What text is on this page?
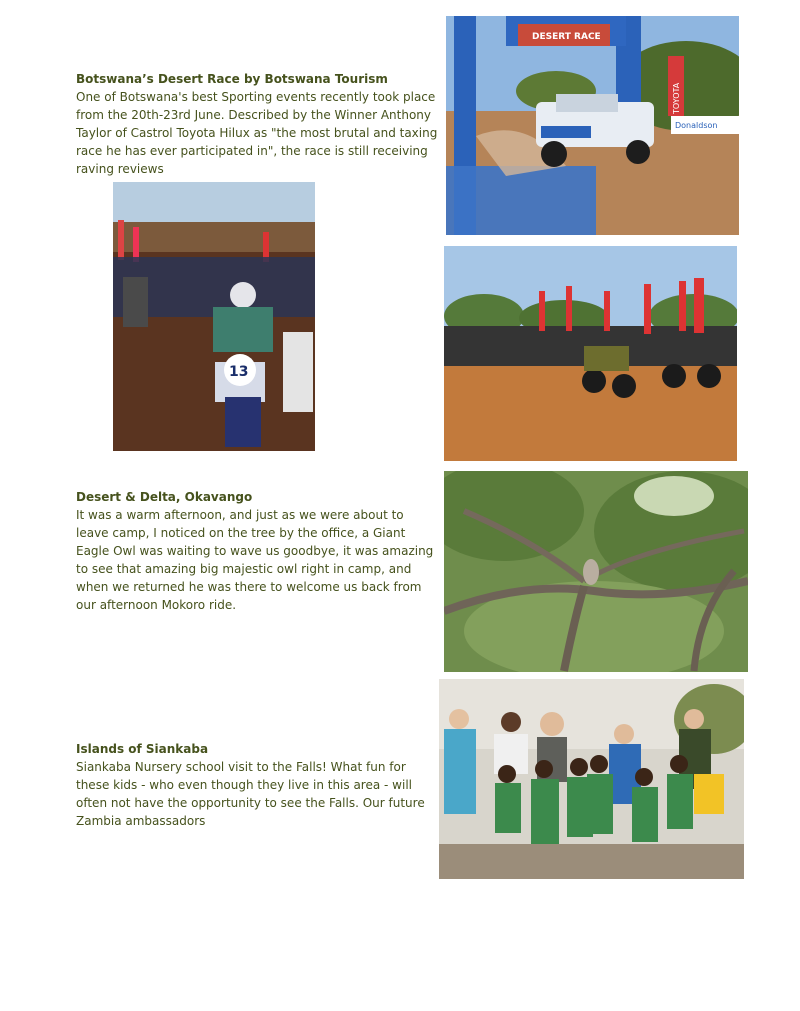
Botswana’s Desert Race by Botswana Tourism

One of Botswana's best Sporting events recently took place from the 20th-23rd June. Described by the Winner Anthony Taylor of Castrol Toyota Hilux as "the most brutal and taxing race he has ever participated in", the race is still receiving raving reviews

DESERT RACE
TOYOTA
Donaldson
13
Desert & Delta, Okavango

It was a warm afternoon, and just as we were about to leave camp, I noticed on the tree by the office, a Giant Eagle Owl was waiting to wave us goodbye, it was amazing to see that amazing big majestic owl right in camp, and when we returned he was there to welcome us back from our afternoon Mokoro ride.

Islands of Siankaba

Siankaba Nursery school visit to the Falls! What fun for these kids - who even though they live in this area - will often not have the opportunity to see the Falls. Our future Zambia ambassadors
